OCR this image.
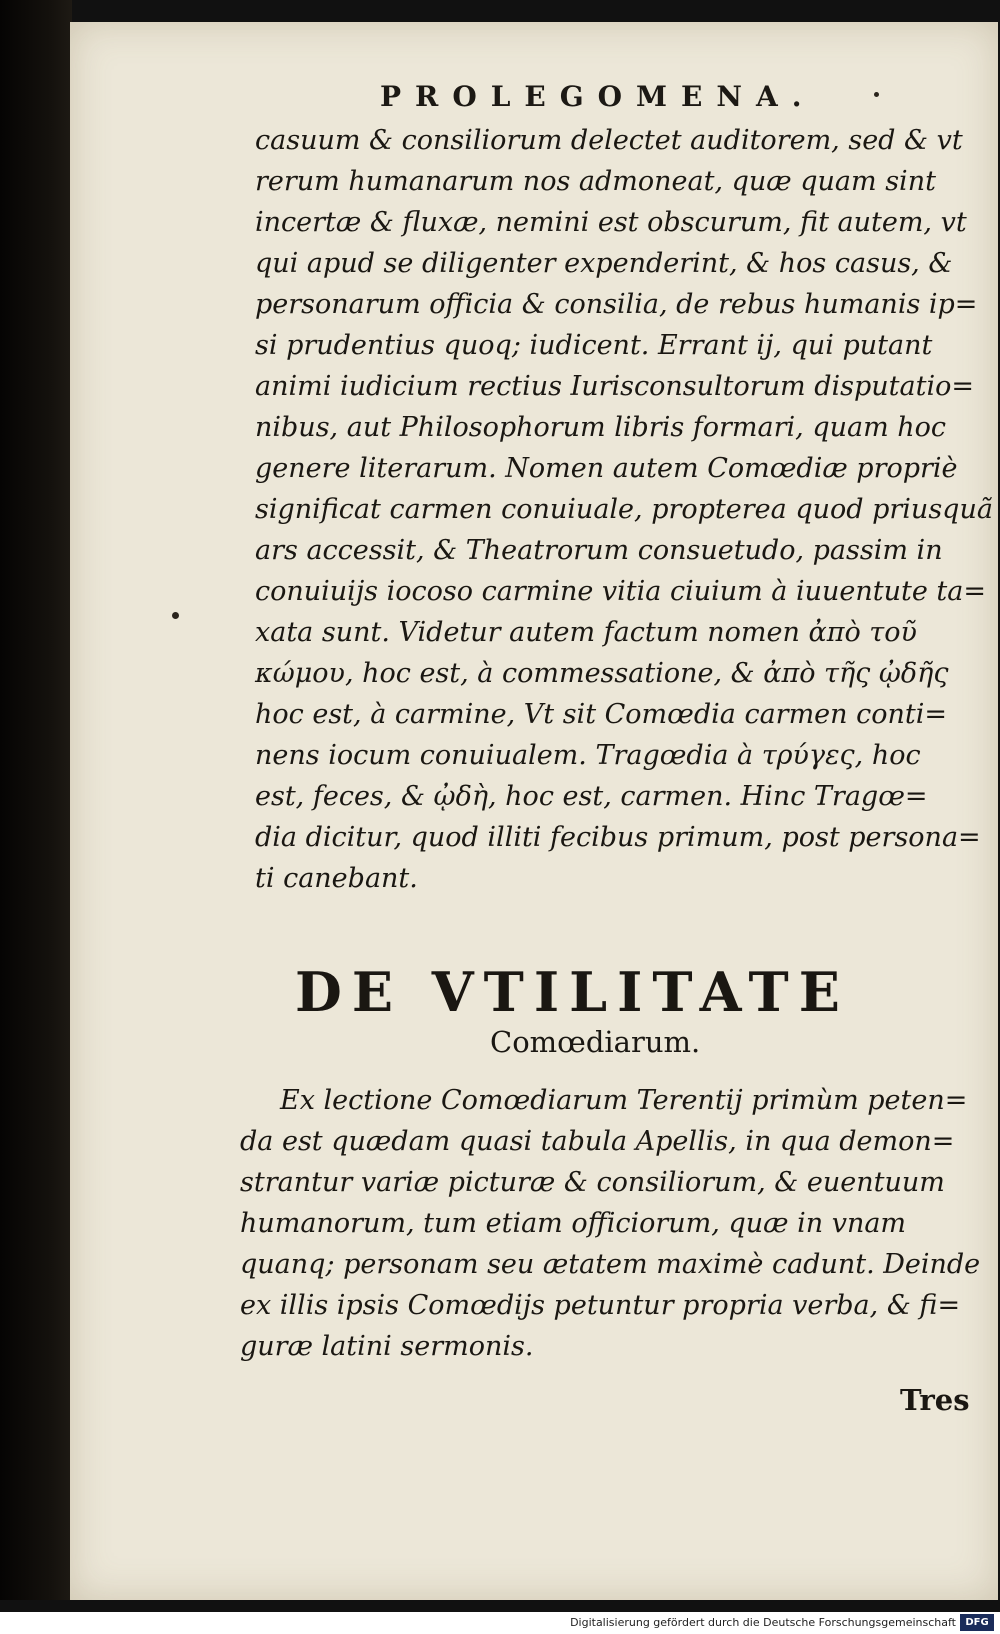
PROLEGOMENA.
casuum & consiliorum delectet auditorem, sed & vt
rerum humanarum nos admoneat, quæ quam sint
incertæ & fluxæ, nemini est obscurum, fit autem, vt
qui apud se diligenter expenderint, & hos casus, &
personarum officia & consilia, de rebus humanis ip=
si prudentius quoq; iudicent. Errant ij, qui putant
animi iudicium rectius Iurisconsultorum disputatio=
nibus, aut Philosophorum libris formari, quam hoc
genere literarum. Nomen autem Comœdiæ propriè
significat carmen conuiuale, propterea quod priusquã
ars accessit, & Theatrorum consuetudo, passim in
conuiuijs iocoso carmine vitia ciuium à iuuentute ta=
xata sunt. Videtur autem factum nomen ἀπὸ τοῦ
κώμου, hoc est, à commessatione, & ἀπὸ τῆς ᾠδῆς
hoc est, à carmine, Vt sit Comœdia carmen conti=
nens iocum conuiualem. Tragœdia à τρύγες, hoc
est, feces, & ᾠδὴ, hoc est, carmen. Hinc Tragœ=
dia dicitur, quod illiti fecibus primum, post persona=
ti canebant.
DE VTILITATE
Comœdiarum.
Ex lectione Comœdiarum Terentij primùm peten=
da est quædam quasi tabula Apellis, in qua demon=
strantur variæ picturæ & consiliorum, & euentuum
humanorum, tum etiam officiorum, quæ in vnam
quanq; personam seu ætatem maximè cadunt. Deinde
ex illis ipsis Comœdijs petuntur propria verba, & fi=
guræ latini sermonis.
Tres
Digitalisierung gefördert durch die Deutsche Forschungsgemeinschaft DFG
